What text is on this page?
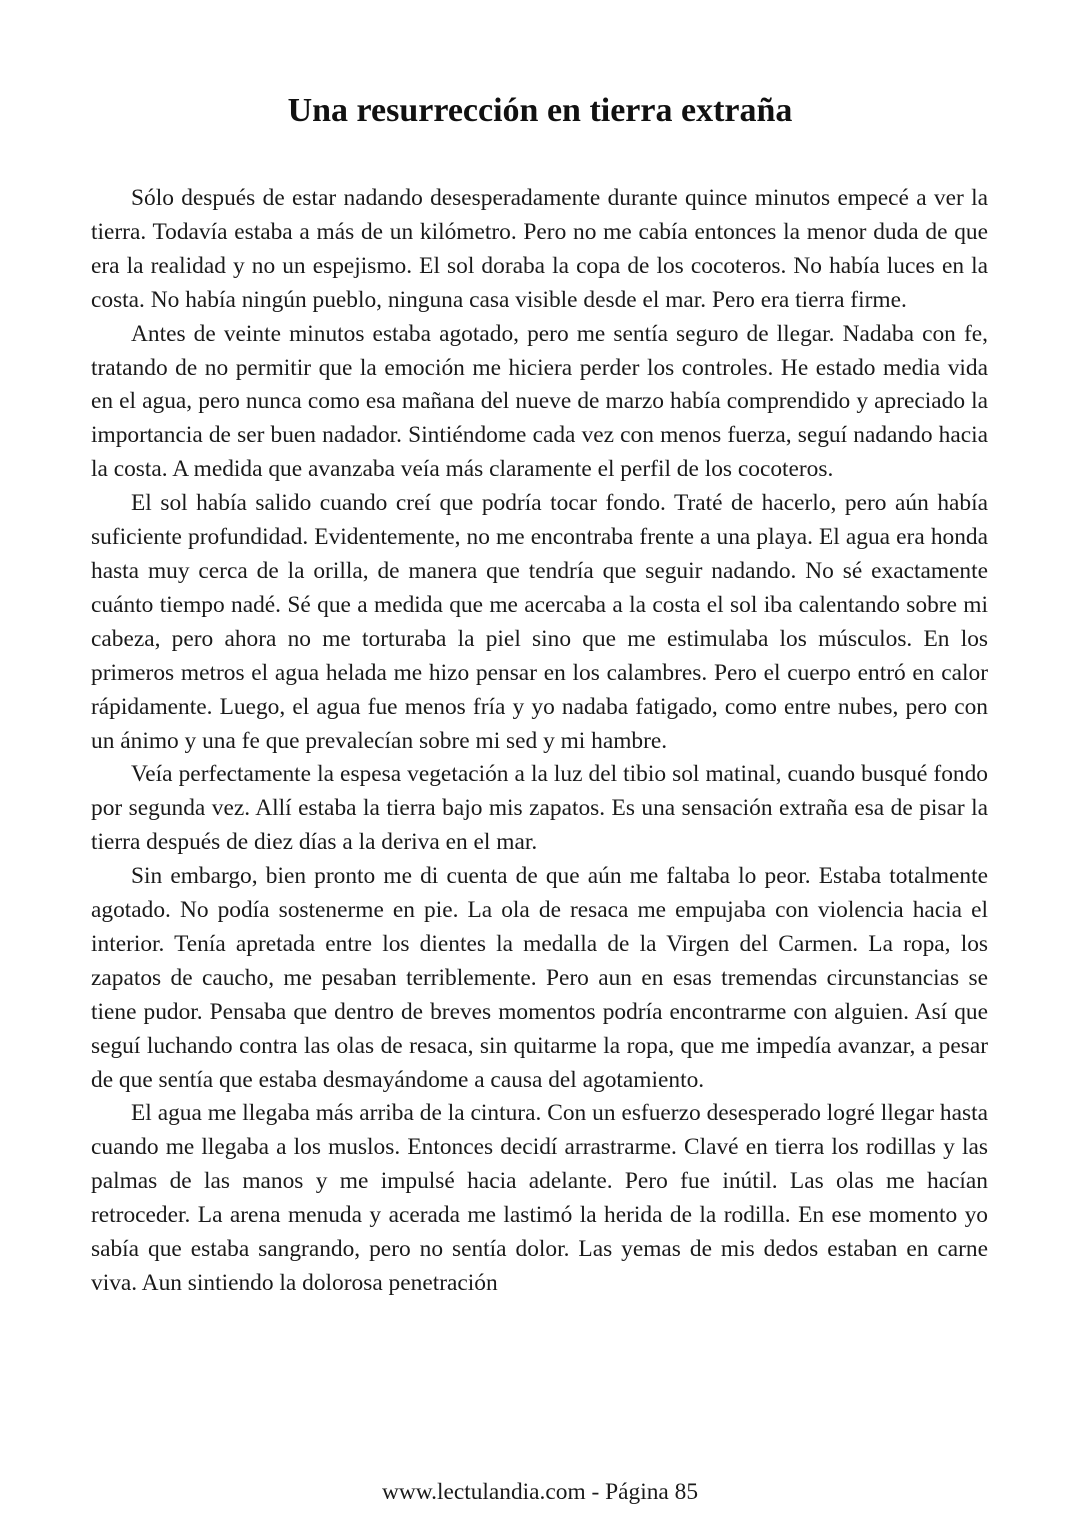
Una resurrección en tierra extraña

Sólo después de estar nadando desesperadamente durante quince minutos empecé a ver la tierra. Todavía estaba a más de un kilómetro. Pero no me cabía entonces la menor duda de que era la realidad y no un espejismo. El sol doraba la copa de los cocoteros. No había luces en la costa. No había ningún pueblo, ninguna casa visible desde el mar. Pero era tierra firme.

Antes de veinte minutos estaba agotado, pero me sentía seguro de llegar. Nadaba con fe, tratando de no permitir que la emoción me hiciera perder los controles. He estado media vida en el agua, pero nunca como esa mañana del nueve de marzo había comprendido y apreciado la importancia de ser buen nadador. Sintiéndome cada vez con menos fuerza, seguí nadando hacia la costa. A medida que avanzaba veía más claramente el perfil de los cocoteros.

El sol había salido cuando creí que podría tocar fondo. Traté de hacerlo, pero aún había suficiente profundidad. Evidentemente, no me encontraba frente a una playa. El agua era honda hasta muy cerca de la orilla, de manera que tendría que seguir nadando. No sé exactamente cuánto tiempo nadé. Sé que a medida que me acercaba a la costa el sol iba calentando sobre mi cabeza, pero ahora no me torturaba la piel sino que me estimulaba los músculos. En los primeros metros el agua helada me hizo pensar en los calambres. Pero el cuerpo entró en calor rápidamente. Luego, el agua fue menos fría y yo nadaba fatigado, como entre nubes, pero con un ánimo y una fe que prevalecían sobre mi sed y mi hambre.

Veía perfectamente la espesa vegetación a la luz del tibio sol matinal, cuando busqué fondo por segunda vez. Allí estaba la tierra bajo mis zapatos. Es una sensación extraña esa de pisar la tierra después de diez días a la deriva en el mar.

Sin embargo, bien pronto me di cuenta de que aún me faltaba lo peor. Estaba totalmente agotado. No podía sostenerme en pie. La ola de resaca me empujaba con violencia hacia el interior. Tenía apretada entre los dientes la medalla de la Virgen del Carmen. La ropa, los zapatos de caucho, me pesaban terriblemente. Pero aun en esas tremendas circunstancias se tiene pudor. Pensaba que dentro de breves momentos podría encontrarme con alguien. Así que seguí luchando contra las olas de resaca, sin quitarme la ropa, que me impedía avanzar, a pesar de que sentía que estaba desmayándome a causa del agotamiento.

El agua me llegaba más arriba de la cintura. Con un esfuerzo desesperado logré llegar hasta cuando me llegaba a los muslos. Entonces decidí arrastrarme. Clavé en tierra los rodillas y las palmas de las manos y me impulsé hacia adelante. Pero fue inútil. Las olas me hacían retroceder. La arena menuda y acerada me lastimó la herida de la rodilla. En ese momento yo sabía que estaba sangrando, pero no sentía dolor. Las yemas de mis dedos estaban en carne viva. Aun sintiendo la dolorosa penetración

www.lectulandia.com - Página 85
